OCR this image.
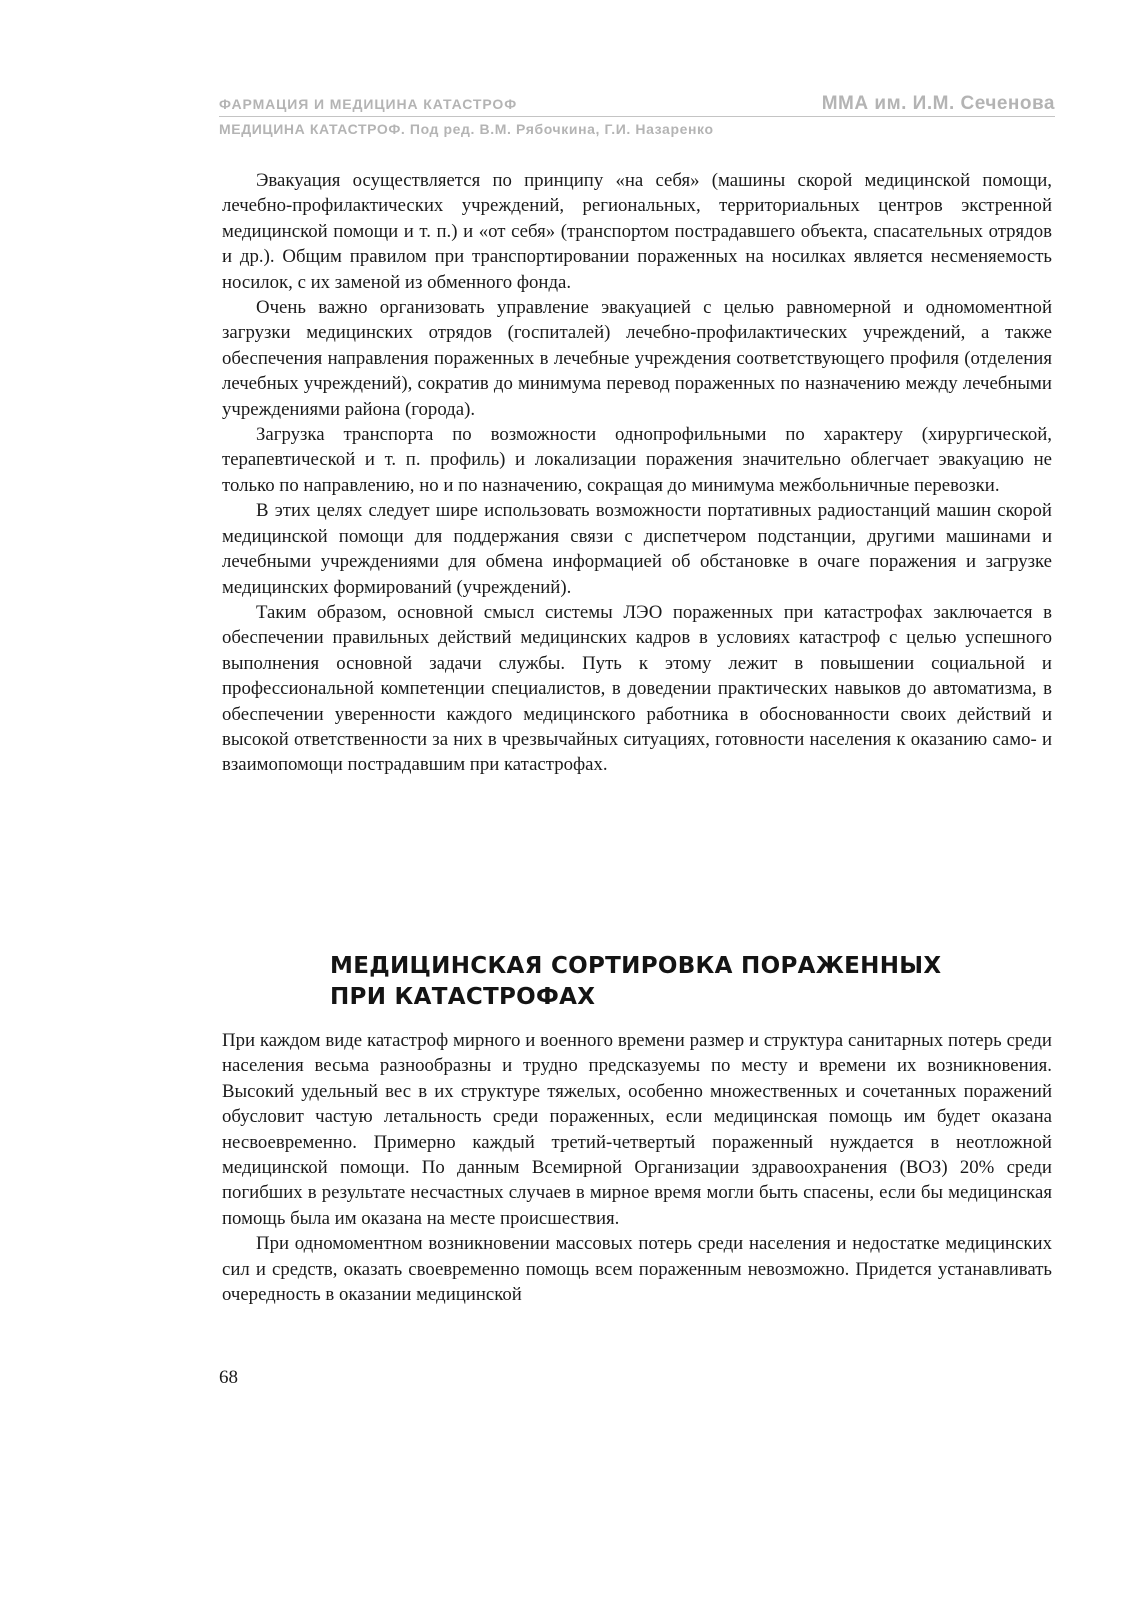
ФАРМАЦИЯ И МЕДИЦИНА КАТАСТРОФ	ММА им. И.М. Сеченова
МЕДИЦИНА КАТАСТРОФ. Под ред. В.М. Рябочкина, Г.И. Назаренко

Эвакуация осуществляется по принципу «на себя» (машины скорой медицинской помощи, лечебно-профилактических учреждений, региональных, территориальных центров экстренной медицинской помощи и т. п.) и «от себя» (транспортом пострадавшего объекта, спасательных отрядов и др.). Общим правилом при транспортировании пораженных на носилках является несменяемость носилок, с их заменой из обменного фонда.

Очень важно организовать управление эвакуацией с целью равномерной и одномоментной загрузки медицинских отрядов (госпиталей) лечебно-профилактических учреждений, а также обеспечения направления пораженных в лечебные учреждения соответствующего профиля (отделения лечебных учреждений), сократив до минимума перевод пораженных по назначению между лечебными учреждениями района (города).

Загрузка транспорта по возможности однопрофильными по характеру (хирургической, терапевтической и т. п. профиль) и локализации поражения значительно облегчает эвакуацию не только по направлению, но и по назначению, сокращая до минимума межбольничные перевозки.

В этих целях следует шире использовать возможности портативных радиостанций машин скорой медицинской помощи для поддержания связи с диспетчером подстанции, другими машинами и лечебными учреждениями для обмена информацией об обстановке в очаге поражения и загрузке медицинских формирований (учреждений).

Таким образом, основной смысл системы ЛЭО пораженных при катастрофах заключается в обеспечении правильных действий медицинских кадров в условиях катастроф с целью успешного выполнения основной задачи службы. Путь к этому лежит в повышении социальной и профессиональной компетенции специалистов, в доведении практических навыков до автоматизма, в обеспечении уверенности каждого медицинского работника в обоснованности своих действий и высокой ответственности за них в чрезвычайных ситуациях, готовности населения к оказанию само- и взаимопомощи пострадавшим при катастрофах.

МЕДИЦИНСКАЯ СОРТИРОВКА ПОРАЖЕННЫХ
ПРИ КАТАСТРОФАХ

При каждом виде катастроф мирного и военного времени размер и структура санитарных потерь среди населения весьма разнообразны и трудно предсказуемы по месту и времени их возникновения. Высокий удельный вес в их структуре тяжелых, особенно множественных и сочетанных поражений обусловит частую летальность среди пораженных, если медицинская помощь им будет оказана несвоевременно. Примерно каждый третий-четвертый пораженный нуждается в неотложной медицинской помощи. По данным Всемирной Организации здравоохранения (ВОЗ) 20% среди погибших в результате несчастных случаев в мирное время могли быть спасены, если бы медицинская помощь была им оказана на месте происшествия.

При одномоментном возникновении массовых потерь среди населения и недостатке медицинских сил и средств, оказать своевременно помощь всем пораженным невозможно. Придется устанавливать очередность в оказании медицинской

68
